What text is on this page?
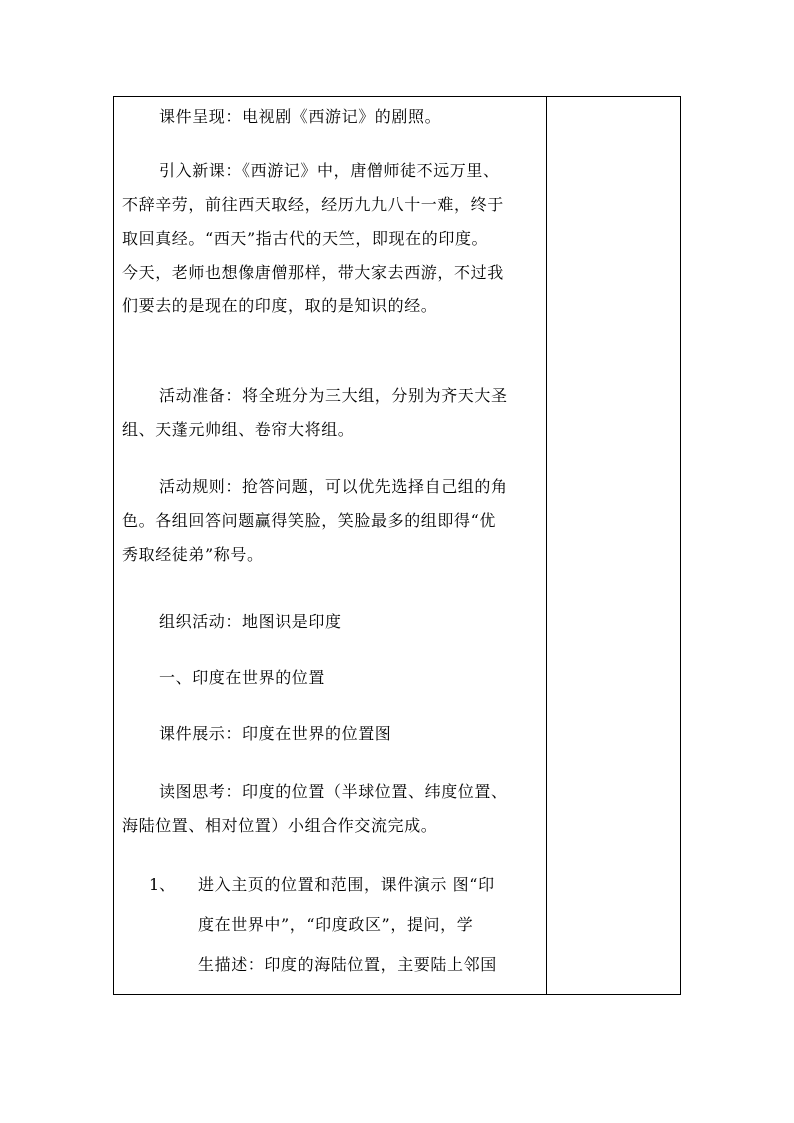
课件呈现：电视剧《西游记》的剧照。
引入新课：《西游记》中，唐僧师徒不远万里、
不辞辛劳，前往西天取经，经历九九八十一难，终于
取回真经。“西天”指古代的天竺，即现在的印度。
今天，老师也想像唐僧那样，带大家去西游，不过我
们要去的是现在的印度，取的是知识的经。
活动准备：将全班分为三大组，分别为齐天大圣
组、天蓬元帅组、卷帘大将组。
活动规则：抢答问题，可以优先选择自己组的角
色。各组回答问题赢得笑脸，笑脸最多的组即得“优
秀取经徒弟”称号。
组织活动：地图识是印度
一、印度在世界的位置
课件展示：印度在世界的位置图
读图思考：印度的位置（半球位置、纬度位置、
海陆位置、相对位置）小组合作交流完成。
1、 进入主页的位置和范围，课件演示 图“印
度在世界中”，“印度政区”，提问，学
生描述：印度的海陆位置，主要陆上邻国
